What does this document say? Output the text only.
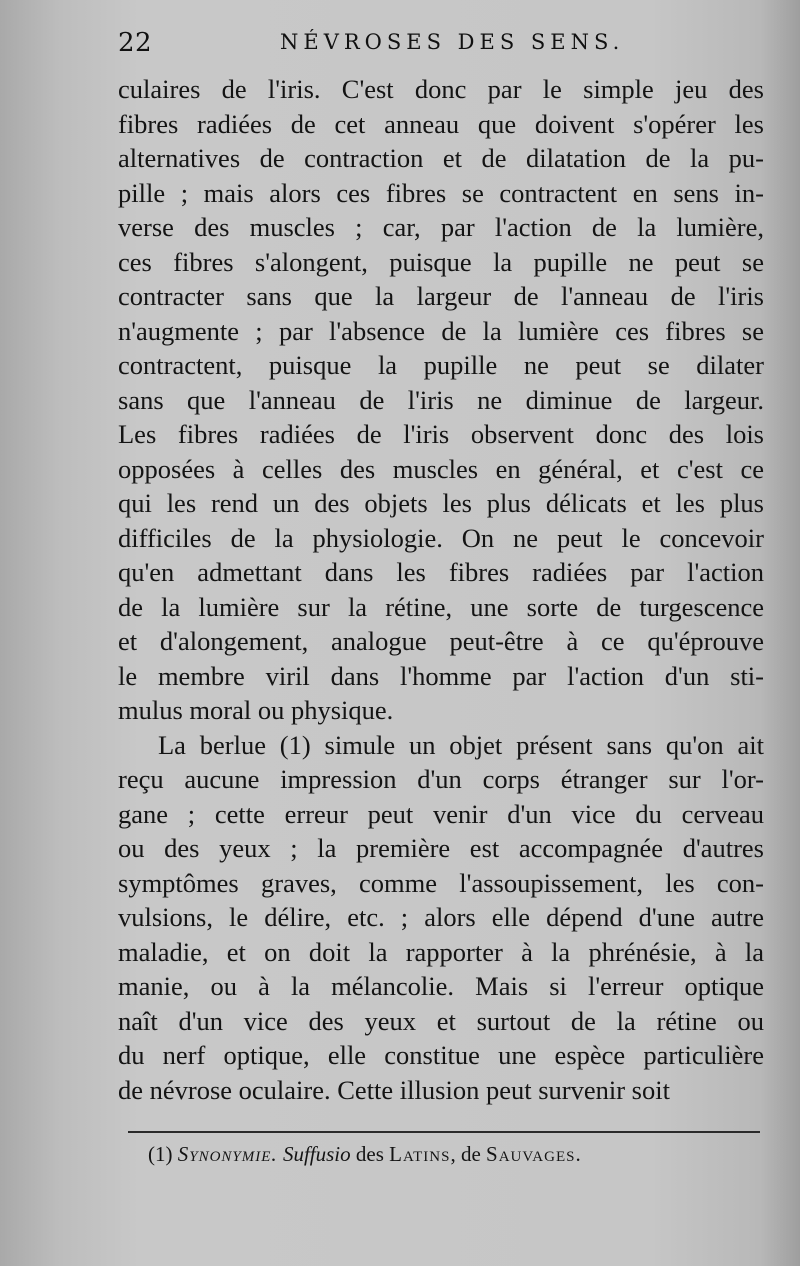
22	NÉVROSES DES SENS.
culaires de l'iris. C'est donc par le simple jeu des
fibres radiées de cet anneau que doivent s'opérer les
alternatives de contraction et de dilatation de la pu-
pille ; mais alors ces fibres se contractent en sens in-
verse des muscles ; car, par l'action de la lumière,
ces fibres s'alongent, puisque la pupille ne peut se
contracter sans que la largeur de l'anneau de l'iris
n'augmente ; par l'absence de la lumière ces fibres se
contractent, puisque la pupille ne peut se dilater
sans que l'anneau de l'iris ne diminue de largeur.
Les fibres radiées de l'iris observent donc des lois
opposées à celles des muscles en général, et c'est ce
qui les rend un des objets les plus délicats et les plus
difficiles de la physiologie. On ne peut le concevoir
qu'en admettant dans les fibres radiées par l'action
de la lumière sur la rétine, une sorte de turgescence
et d'alongement, analogue peut-être à ce qu'éprouve
le membre viril dans l'homme par l'action d'un sti-
mulus moral ou physique.
La berlue (1) simule un objet présent sans qu'on ait
reçu aucune impression d'un corps étranger sur l'or-
gane ; cette erreur peut venir d'un vice du cerveau
ou des yeux ; la première est accompagnée d'autres
symptômes graves, comme l'assoupissement, les con-
vulsions, le délire, etc. ; alors elle dépend d'une autre
maladie, et on doit la rapporter à la phrénésie, à la
manie, ou à la mélancolie. Mais si l'erreur optique
naît d'un vice des yeux et surtout de la rétine ou
du nerf optique, elle constitue une espèce particulière
de névrose oculaire. Cette illusion peut survenir soit
(1) Synonymie. Suffusio des Latins, de Sauvages.
